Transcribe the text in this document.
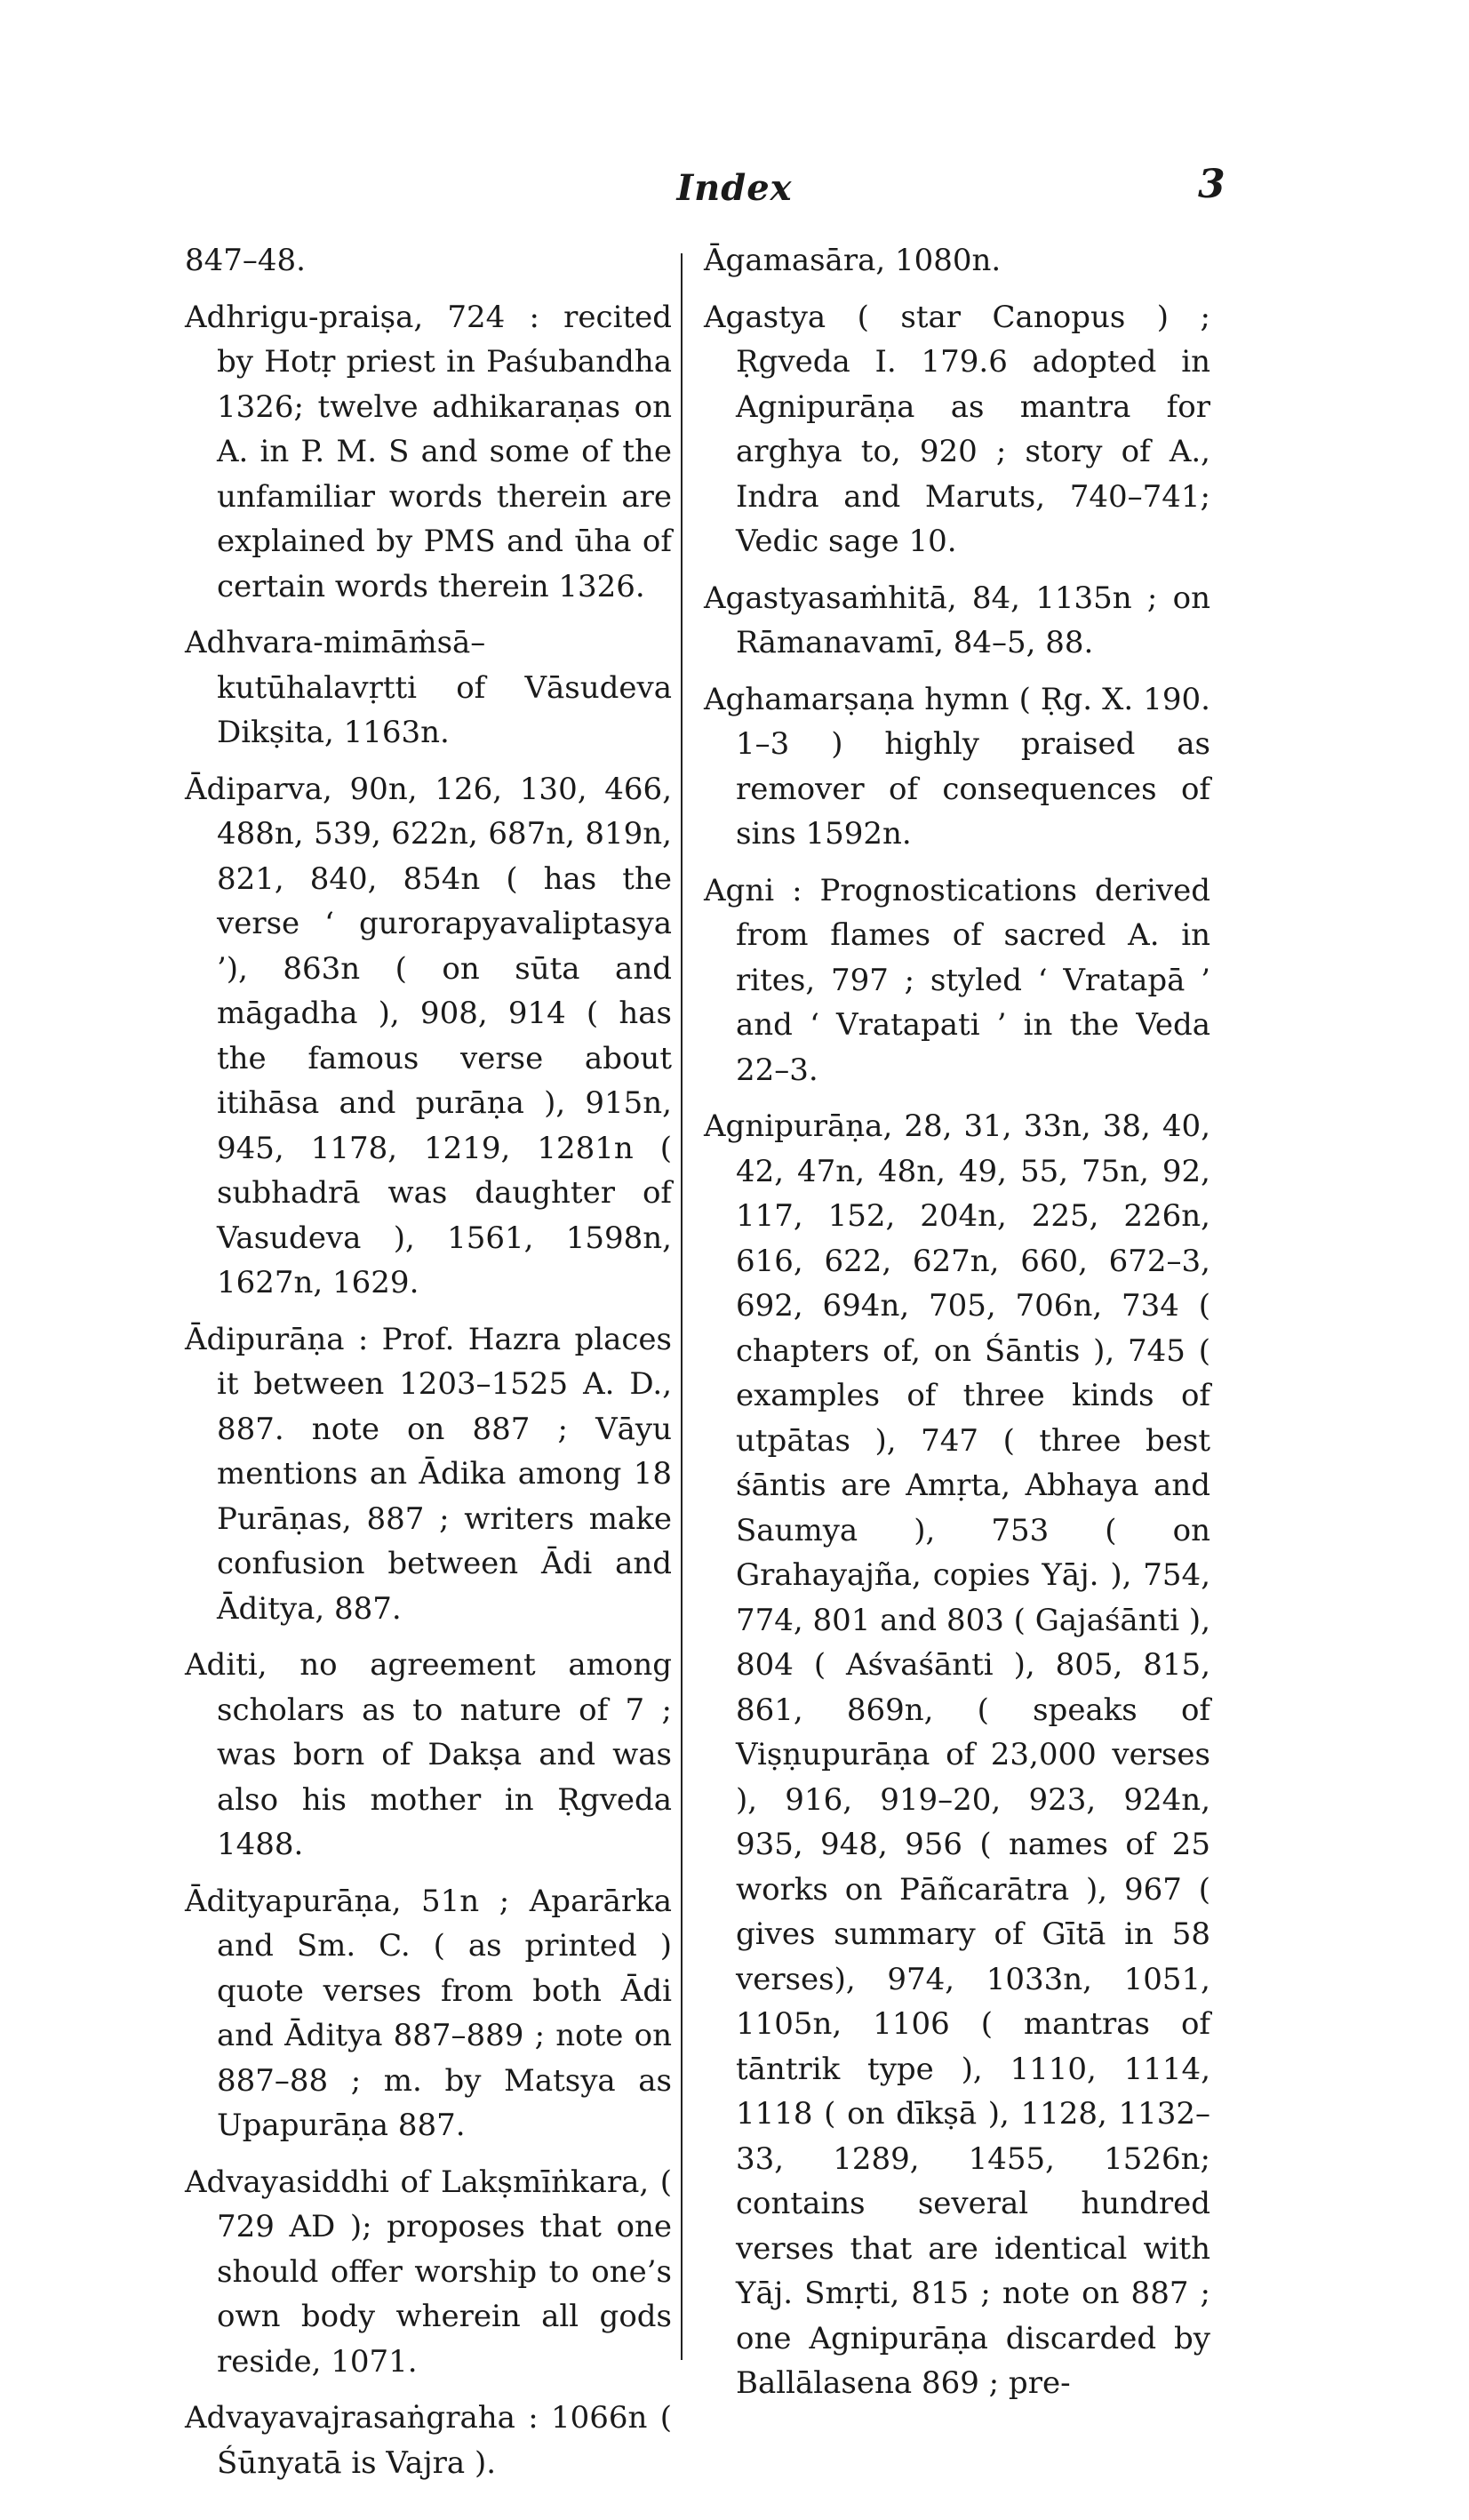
Index	3

847–48.

Adhrigu-praiṣa, 724 : recited by Hotṛ priest in Paśubandha 1326; twelve adhikaraṇas on A. in P. M. S and some of the unfamiliar words therein are explained by PMS and ūha of certain words therein 1326.

Adhvara-mimāṁsā–kutūhalavṛtti of Vāsudeva Dikṣita, 1163n.

Ādiparva, 90n, 126, 130, 466, 488n, 539, 622n, 687n, 819n, 821, 840, 854n ( has the verse ‘ gurorapyavaliptasya ’), 863n ( on sūta and māgadha ), 908, 914 ( has the famous verse about itihāsa and purāṇa ), 915n, 945, 1178, 1219, 1281n ( subhadrā was daughter of Vasudeva ), 1561, 1598n, 1627n, 1629.

Ādipurāṇa : Prof. Hazra places it between 1203–1525 A. D., 887. note on 887 ; Vāyu mentions an Ādika among 18 Purāṇas, 887 ; writers make confusion between Ādi and Āditya, 887.

Aditi, no agreement among scholars as to nature of 7 ; was born of Dakṣa and was also his mother in Ṛgveda 1488.

Ādityapurāṇa, 51n ; Aparārka and Sm. C. ( as printed ) quote verses from both Ādi and Āditya 887–889 ; note on 887–88 ; m. by Matsya as Upapurāṇa 887.

Advayasiddhi of Lakṣmīṅkara, ( 729 AD ); proposes that one should offer worship to one’s own body wherein all gods reside, 1071.

Advayavajrasaṅgraha : 1066n ( Śūnyatā is Vajra ).

Āgamasāra, 1080n.

Agastya ( star Canopus ) ; Ṛgveda I. 179.6 adopted in Agnipurāṇa as mantra for arghya to, 920 ; story of A., Indra and Maruts, 740–741; Vedic sage 10.

Agastyasaṁhitā, 84, 1135n ; on Rāmanavamī, 84–5, 88.

Aghamarṣaṇa hymn ( Ṛg. X. 190. 1–3 ) highly praised as remover of consequences of sins 1592n.

Agni : Prognostications derived from flames of sacred A. in rites, 797 ; styled ‘ Vratapā ’ and ‘ Vratapati ’ in the Veda 22–3.

Agnipurāṇa, 28, 31, 33n, 38, 40, 42, 47n, 48n, 49, 55, 75n, 92, 117, 152, 204n, 225, 226n, 616, 622, 627n, 660, 672–3, 692, 694n, 705, 706n, 734 ( chapters of, on Śāntis ), 745 ( examples of three kinds of utpātas ), 747 ( three best śāntis are Amṛta, Abhaya and Saumya ), 753 ( on Grahayajña, copies Yāj. ), 754, 774, 801 and 803 ( Gajaśānti ), 804 ( Aśvaśānti ), 805, 815, 861, 869n, ( speaks of Viṣṇupurāṇa of 23,000 verses ), 916, 919–20, 923, 924n, 935, 948, 956 ( names of 25 works on Pāñcarātra ), 967 ( gives summary of Gītā in 58 verses), 974, 1033n, 1051, 1105n, 1106 ( mantras of tāntrik type ), 1110, 1114, 1118 ( on dīkṣā ), 1128, 1132–33, 1289, 1455, 1526n; contains several hundred verses that are identical with Yāj. Smṛti, 815 ; note on 887 ; one Agnipurāṇa discarded by Ballālasena 869 ; pre-
